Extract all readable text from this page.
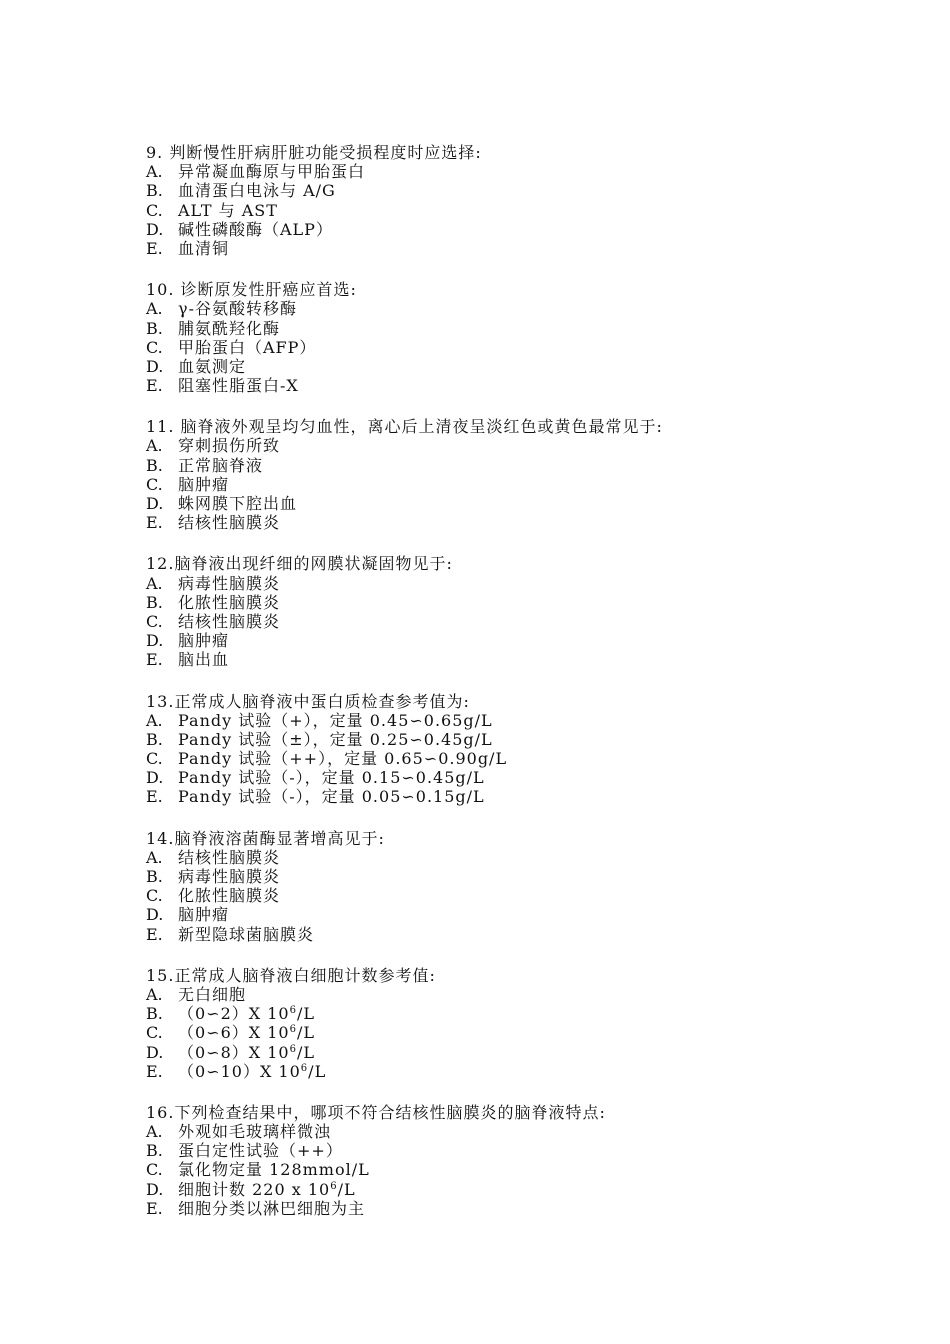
9. 判断慢性肝病肝脏功能受损程度时应选择:
A. 异常凝血酶原与甲胎蛋白
B. 血清蛋白电泳与 A/G
C. ALT 与 AST
D. 碱性磷酸酶（ALP）
E. 血清铜
10. 诊断原发性肝癌应首选:
A. γ-谷氨酸转移酶
B. 脯氨酰羟化酶
C. 甲胎蛋白（AFP）
D. 血氨测定
E. 阻塞性脂蛋白-X
11. 脑脊液外观呈均匀血性，离心后上清夜呈淡红色或黄色最常见于:
A. 穿刺损伤所致
B. 正常脑脊液
C. 脑肿瘤
D. 蛛网膜下腔出血
E. 结核性脑膜炎
12.脑脊液出现纤细的网膜状凝固物见于:
A. 病毒性脑膜炎
B. 化脓性脑膜炎
C. 结核性脑膜炎
D. 脑肿瘤
E. 脑出血
13.正常成人脑脊液中蛋白质检查参考值为:
A. Pandy 试验（+），定量 0.45∽0.65g/L
B. Pandy 试验（±），定量 0.25∽0.45g/L
C. Pandy 试验（++），定量 0.65∽0.90g/L
D. Pandy 试验（-），定量 0.15∽0.45g/L
E. Pandy 试验（-），定量 0.05∽0.15g/L
14.脑脊液溶菌酶显著增高见于:
A. 结核性脑膜炎
B. 病毒性脑膜炎
C. 化脓性脑膜炎
D. 脑肿瘤
E. 新型隐球菌脑膜炎
15.正常成人脑脊液白细胞计数参考值:
A. 无白细胞
B. （0∽2）X $10^6/L$
C. （0∽6）X $10^6/L$
D. （0∽8）X $10^6/L$
E. （0∽10）X $10^6/L$
16.下列检查结果中，哪项不符合结核性脑膜炎的脑脊液特点:
A. 外观如毛玻璃样微浊
B. 蛋白定性试验（++）
C. 氯化物定量 128mmol/L
D. 细胞计数 220 x $10^6/L$
E. 细胞分类以淋巴细胞为主
